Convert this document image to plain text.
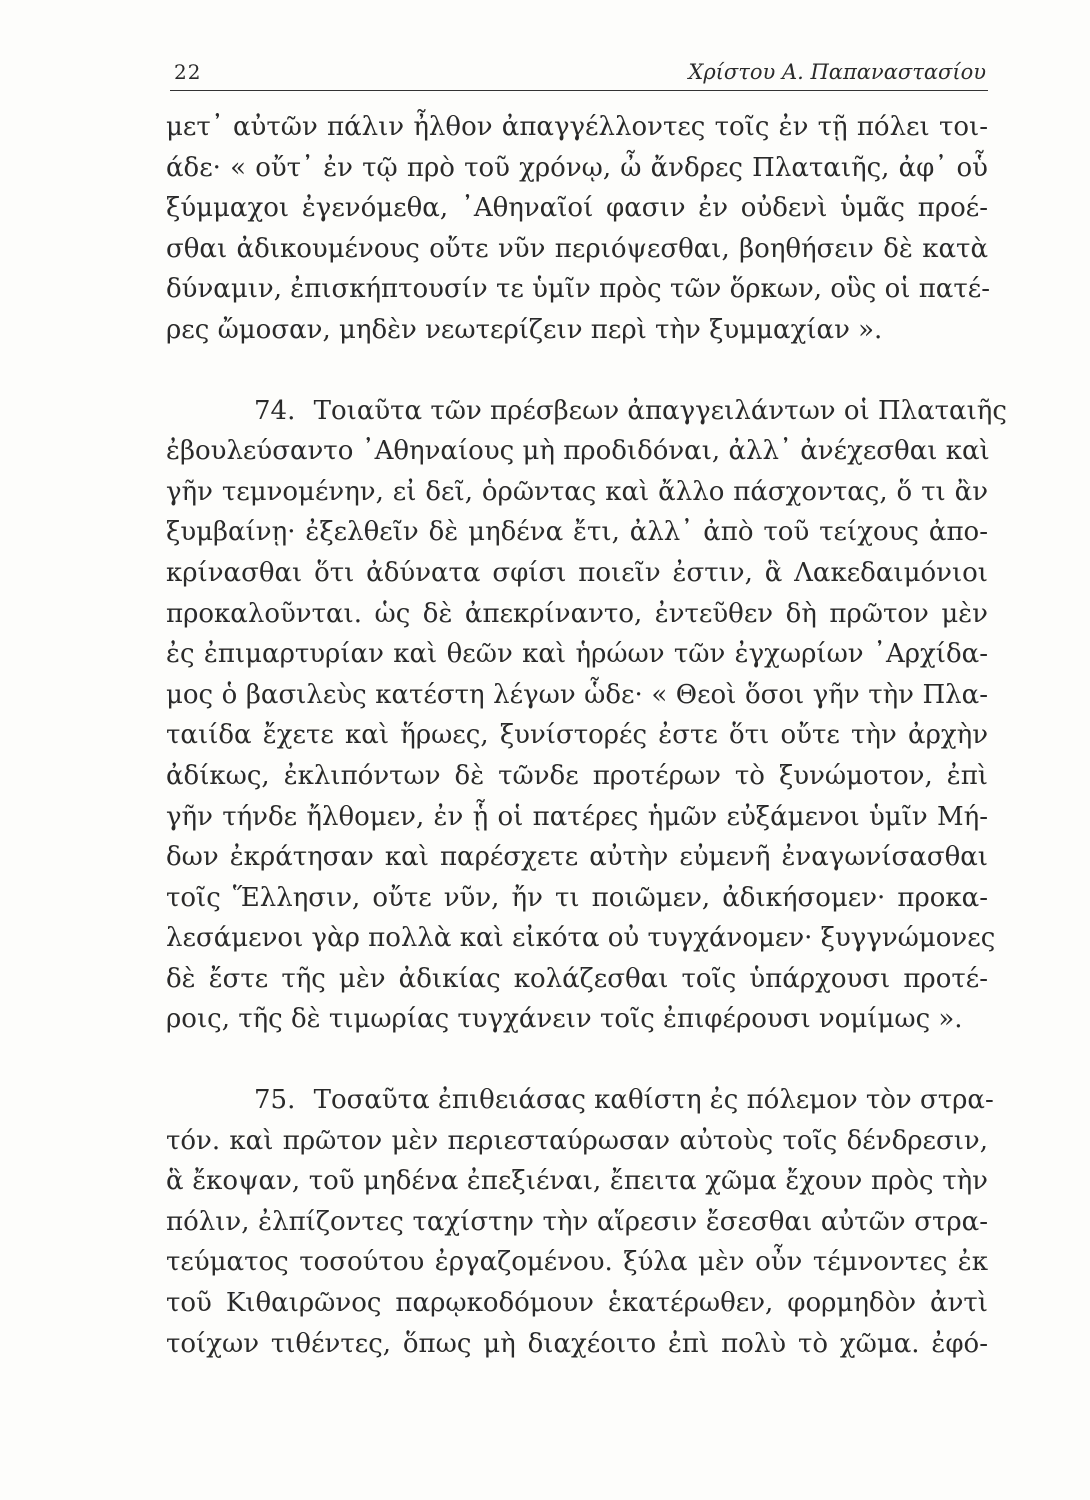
22	Χρίστου Α. Παπαναστασίου
μετ᾽ αὐτῶν πάλιν ἦλθον ἀπαγγέλλοντες τοῖς ἐν τῇ πόλει τοι-
άδε· « οὔτ᾽ ἐν τῷ πρὸ τοῦ χρόνῳ, ὦ ἄνδρες Πλαταιῆς, ἀφ᾽ οὗ
ξύμμαχοι ἐγενόμεθα, ᾽Αθηναῖοί φασιν ἐν οὐδενὶ ὑμᾶς προέ-
σθαι ἀδικουμένους οὔτε νῦν περιόψεσθαι, βοηθήσειν δὲ κατὰ
δύναμιν, ἐπισκήπτουσίν τε ὑμῖν πρὸς τῶν ὅρκων, οὓς οἱ πατέ-
ρες ὤμοσαν, μηδὲν νεωτερίζειν περὶ τὴν ξυμμαχίαν ».
74. Τοιαῦτα τῶν πρέσβεων ἀπαγγειλάντων οἱ Πλαταιῆς
ἐβουλεύσαντο ᾽Αθηναίους μὴ προδιδόναι, ἀλλ᾽ ἀνέχεσθαι καὶ
γῆν τεμνομένην, εἰ δεῖ, ὁρῶντας καὶ ἄλλο πάσχοντας, ὅ τι ἂν
ξυμβαίνῃ· ἐξελθεῖν δὲ μηδένα ἔτι, ἀλλ᾽ ἀπὸ τοῦ τείχους ἀπο-
κρίνασθαι ὅτι ἀδύνατα σφίσι ποιεῖν ἐστιν, ἃ Λακεδαιμόνιοι
προκαλοῦνται. ὡς δὲ ἀπεκρίναντο, ἐντεῦθεν δὴ πρῶτον μὲν
ἐς ἐπιμαρτυρίαν καὶ θεῶν καὶ ἡρώων τῶν ἐγχωρίων ᾽Αρχίδα-
μος ὁ βασιλεὺς κατέστη λέγων ὧδε· « Θεοὶ ὅσοι γῆν τὴν Πλα-
ταιίδα ἔχετε καὶ ἥρωες, ξυνίστορές ἐστε ὅτι οὔτε τὴν ἀρχὴν
ἀδίκως, ἐκλιπόντων δὲ τῶνδε προτέρων τὸ ξυνώμοτον, ἐπὶ
γῆν τήνδε ἤλθομεν, ἐν ᾗ οἱ πατέρες ἡμῶν εὐξάμενοι ὑμῖν Μή-
δων ἐκράτησαν καὶ παρέσχετε αὐτὴν εὐμενῆ ἐναγωνίσασθαι
τοῖς Ἕλλησιν, οὔτε νῦν, ἤν τι ποιῶμεν, ἀδικήσομεν· προκα-
λεσάμενοι γὰρ πολλὰ καὶ εἰκότα οὐ τυγχάνομεν· ξυγγνώμονες
δὲ ἔστε τῆς μὲν ἀδικίας κολάζεσθαι τοῖς ὑπάρχουσι προτέ-
ροις, τῆς δὲ τιμωρίας τυγχάνειν τοῖς ἐπιφέρουσι νομίμως ».
75. Τοσαῦτα ἐπιθειάσας καθίστη ἐς πόλεμον τὸν στρα-
τόν. καὶ πρῶτον μὲν περιεσταύρωσαν αὐτοὺς τοῖς δένδρεσιν,
ἃ ἔκοψαν, τοῦ μηδένα ἐπεξιέναι, ἔπειτα χῶμα ἔχουν πρὸς τὴν
πόλιν, ἐλπίζοντες ταχίστην τὴν αἵρεσιν ἔσεσθαι αὐτῶν στρα-
τεύματος τοσούτου ἐργαζομένου. ξύλα μὲν οὖν τέμνοντες ἐκ
τοῦ Κιθαιρῶνος παρῳκοδόμουν ἑκατέρωθεν, φορμηδὸν ἀντὶ
τοίχων τιθέντες, ὅπως μὴ διαχέοιτο ἐπὶ πολὺ τὸ χῶμα. ἐφό-
